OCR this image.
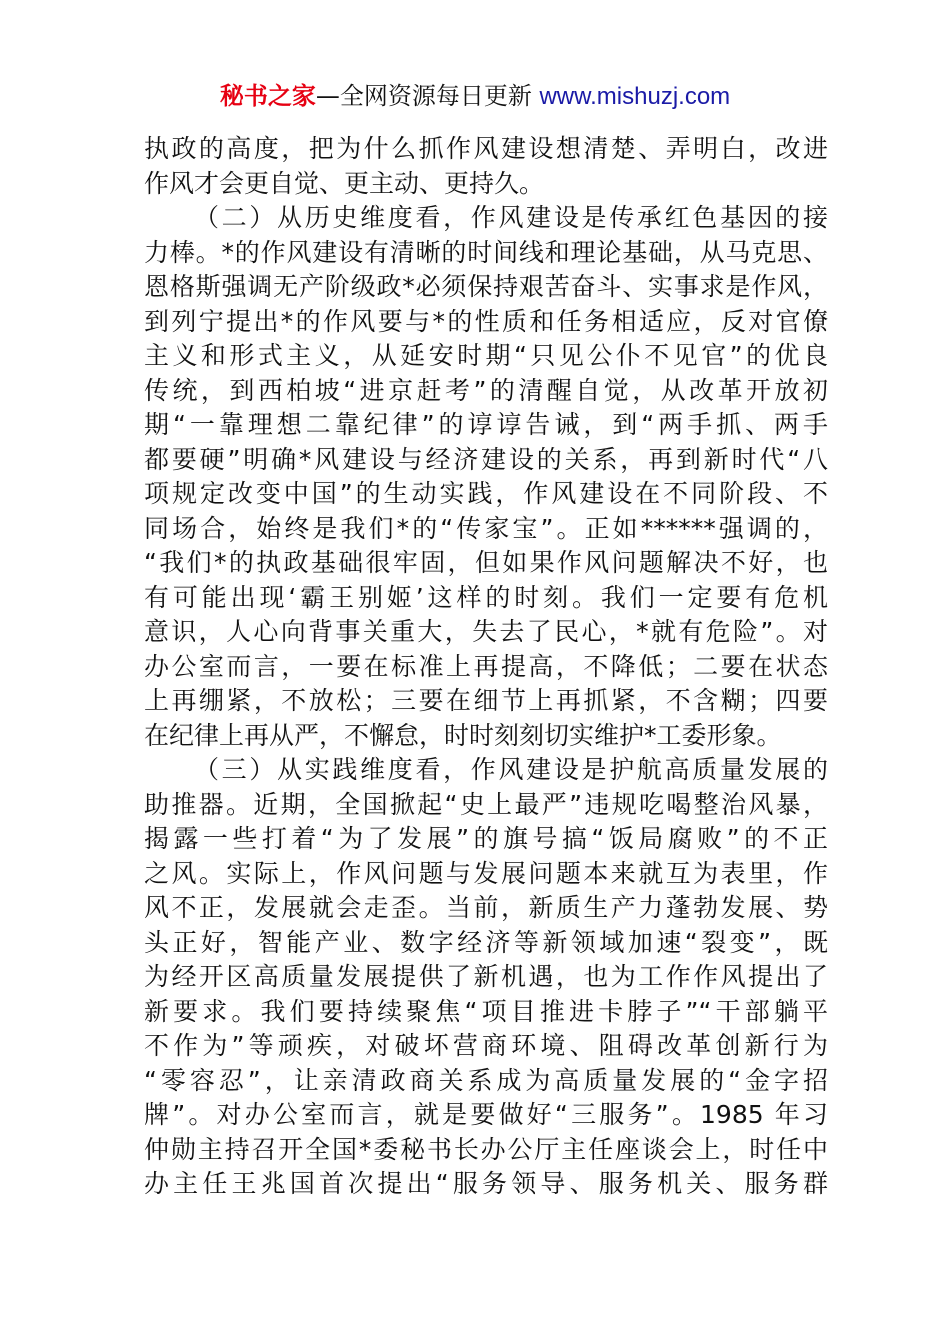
秘书之家—全网资源每日更新 www.mishuzj.com
执政的高度，把为什么抓作风建设想清楚、弄明白，改进
作风才会更自觉、更主动、更持久。
（二）从历史维度看，作风建设是传承红色基因的接
力棒。*的作风建设有清晰的时间线和理论基础，从马克思、
恩格斯强调无产阶级政*必须保持艰苦奋斗、实事求是作风，
到列宁提出*的作风要与*的性质和任务相适应，反对官僚
主义和形式主义，从延安时期“只见公仆不见官”的优良
传统，到西柏坡“进京赶考”的清醒自觉，从改革开放初
期“一靠理想二靠纪律”的谆谆告诫，到“两手抓、两手
都要硬”明确*风建设与经济建设的关系，再到新时代“八
项规定改变中国”的生动实践，作风建设在不同阶段、不
同场合，始终是我们*的“传家宝”。正如******强调的，
“我们*的执政基础很牢固，但如果作风问题解决不好，也
有可能出现‘霸王别姬’这样的时刻。我们一定要有危机
意识，人心向背事关重大，失去了民心，*就有危险”。对
办公室而言，一要在标准上再提高，不降低；二要在状态
上再绷紧，不放松；三要在细节上再抓紧，不含糊；四要
在纪律上再从严，不懈怠，时时刻刻切实维护*工委形象。
（三）从实践维度看，作风建设是护航高质量发展的
助推器。近期，全国掀起“史上最严”违规吃喝整治风暴，
揭露一些打着“为了发展”的旗号搞“饭局腐败”的不正
之风。实际上，作风问题与发展问题本来就互为表里，作
风不正，发展就会走歪。当前，新质生产力蓬勃发展、势
头正好，智能产业、数字经济等新领域加速“裂变”，既
为经开区高质量发展提供了新机遇，也为工作作风提出了
新要求。我们要持续聚焦“项目推进卡脖子”“干部躺平
不作为”等顽疾，对破坏营商环境、阻碍改革创新行为
“零容忍”，让亲清政商关系成为高质量发展的“金字招
牌”。对办公室而言，就是要做好“三服务”。1985 年习
仲勋主持召开全国*委秘书长办公厅主任座谈会上，时任中
办主任王兆国首次提出“服务领导、服务机关、服务群
